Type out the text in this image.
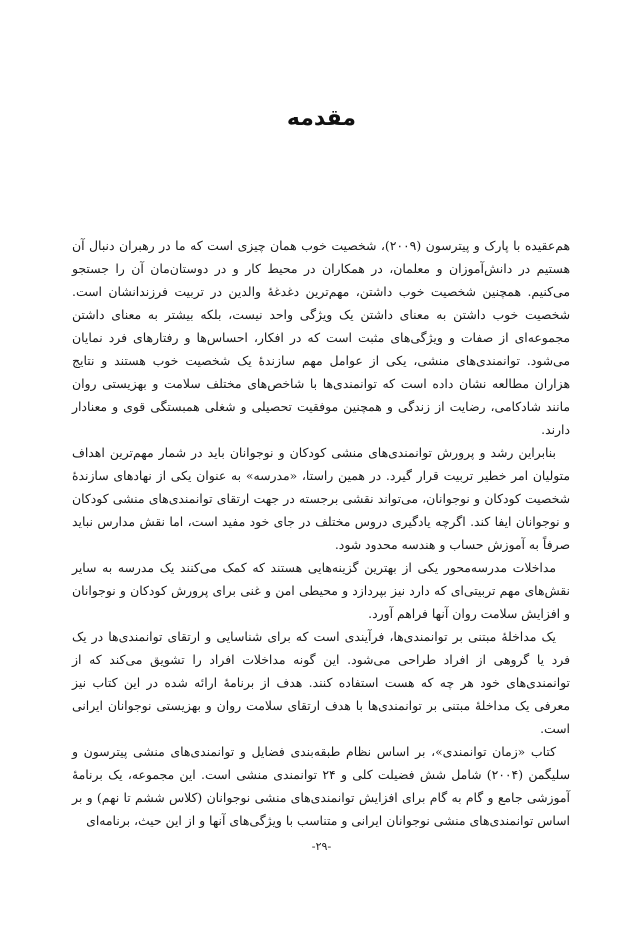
مقدمه

هم‌عقیده با پارک و پیترسون (۲۰۰۹)، شخصیت خوب همان چیزی است که ما در رهبران دنبال آن هستیم در دانش‌آموزان و معلمان، در همکاران در محیط کار و در دوستان‌مان آن را جستجو می‌کنیم. همچنین شخصیت خوب داشتن، مهم‌ترین دغدغهٔ والدین در تربیت فرزندانشان است. شخصیت خوب داشتن به معنای داشتن یک ویژگی واحد نیست، بلکه بیشتر به معنای داشتن مجموعه‌ای از صفات و ویژگی‌های مثبت است که در افکار، احساس‌ها و رفتارهای فرد نمایان می‌شود. توانمندی‌های منشی، یکی از عوامل مهم سازندهٔ یک شخصیت خوب هستند و نتایج هزاران مطالعه نشان داده است که توانمندی‌ها با شاخص‌های مختلف سلامت و بهزیستی روان مانند شادکامی، رضایت از زندگی و همچنین موفقیت تحصیلی و شغلی همبستگی قوی و معنادار دارند.

بنابراین رشد و پرورش توانمندی‌های منشی کودکان و نوجوانان باید در شمار مهم‌ترین اهداف متولیان امر خطیر تربیت قرار گیرد. در همین راستا، «مدرسه» به عنوان یکی از نهادهای سازندهٔ شخصیت کودکان و نوجوانان، می‌تواند نقشی برجسته در جهت ارتقای توانمندی‌های منشی کودکان و نوجوانان ایفا کند. اگرچه یادگیری دروس مختلف در جای خود مفید است، اما نقش مدارس نباید صرفاً به آموزش حساب و هندسه محدود شود.

مداخلات مدرسه‌محور یکی از بهترین گزینه‌هایی هستند که کمک می‌کنند یک مدرسه به سایر نقش‌های مهم تربیتی‌ای که دارد نیز بپردازد و محیطی امن و غنی برای پرورش کودکان و نوجوانان و افزایش سلامت روان آنها فراهم آورد.

یک مداخلهٔ مبتنی بر توانمندی‌ها، فرآیندی است که برای شناسایی و ارتقای توانمندی‌ها در یک فرد یا گروهی از افراد طراحی می‌شود. این گونه مداخلات افراد را تشویق می‌کند که از توانمندی‌های خود هر چه که هست استفاده کنند. هدف از برنامهٔ ارائه شده در این کتاب نیز معرفی یک مداخلهٔ مبتنی بر توانمندی‌ها با هدف ارتقای سلامت روان و بهزیستی نوجوانان ایرانی است.

کتاب «زمان توانمندی»، بر اساس نظام طبقه‌بندی فضایل و توانمندی‌های منشی پیترسون و سلیگمن (۲۰۰۴) شامل شش فضیلت کلی و ۲۴ توانمندی منشی است. این مجموعه، یک برنامهٔ آموزشی جامع و گام به گام برای افزایش توانمندی‌های منشی نوجوانان (کلاس ششم تا نهم) و بر اساس توانمندی‌های منشی نوجوانان ایرانی و متناسب با ویژگی‌های آنها و از این حیث، برنامه‌ای

-۲۹-
